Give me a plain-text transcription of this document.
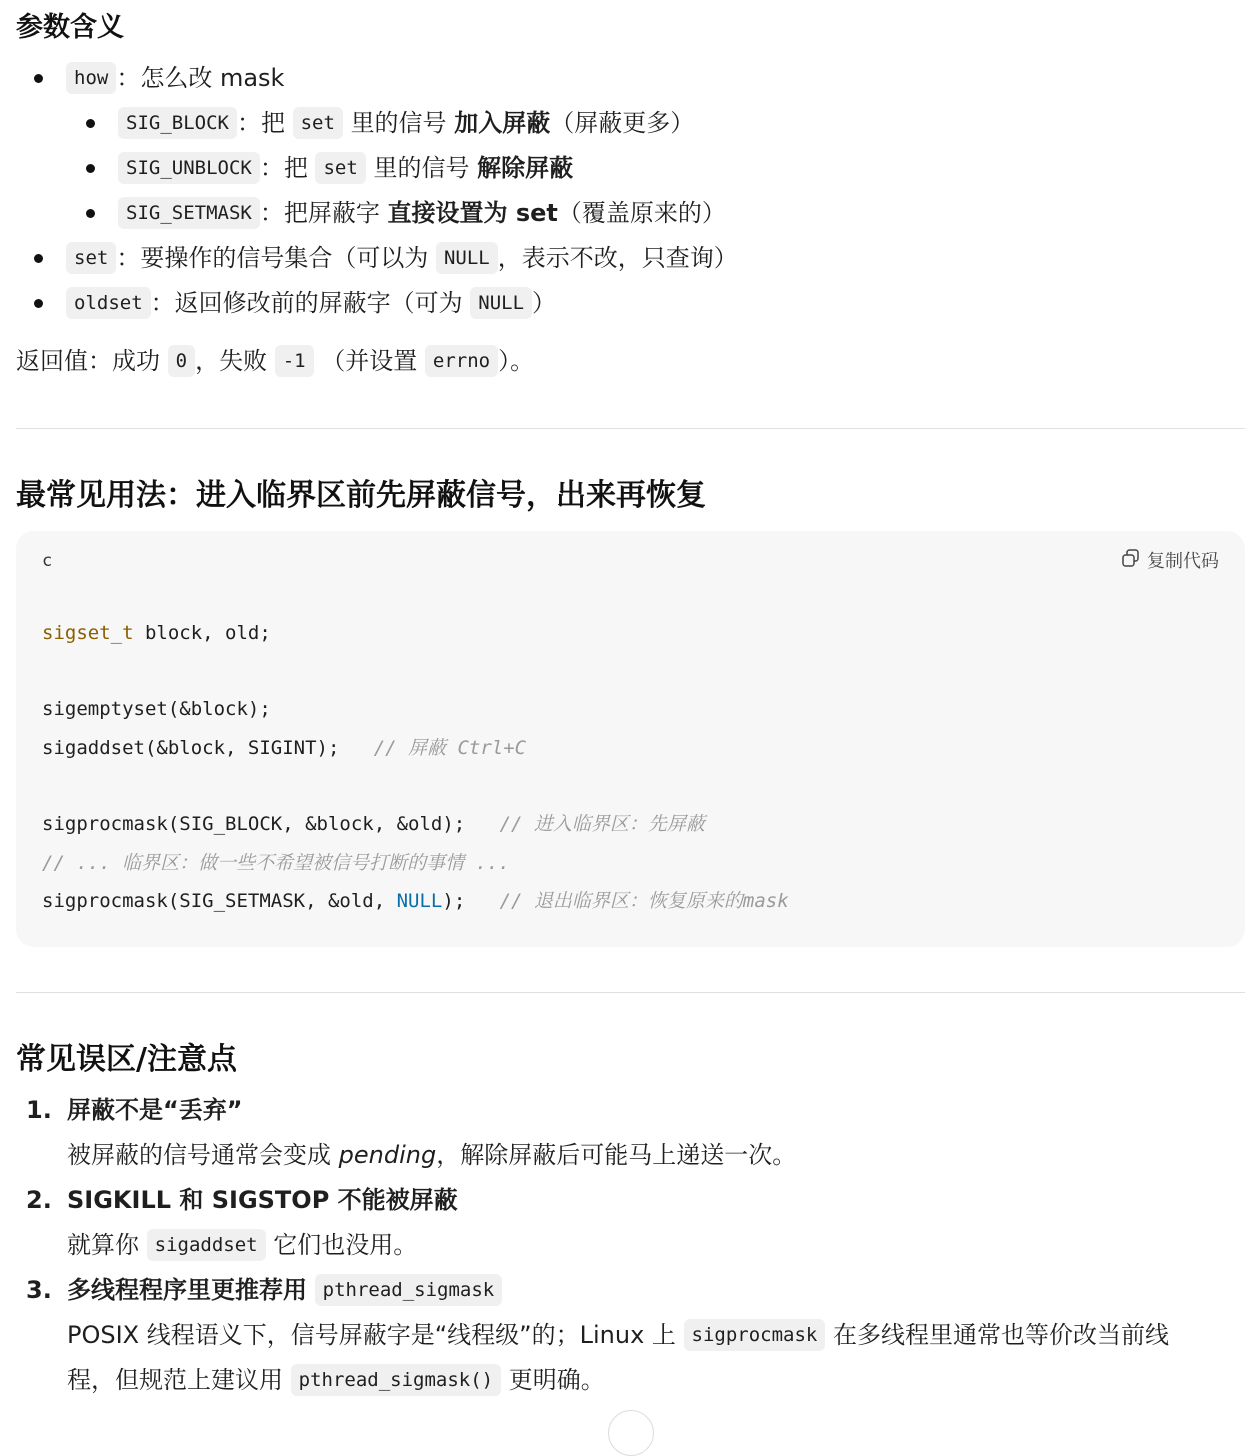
参数含义
how ：怎么改 mask
SIG_BLOCK ：把 set 里的信号 加入屏蔽（屏蔽更多）
SIG_UNBLOCK ：把 set 里的信号 解除屏蔽
SIG_SETMASK ：把屏蔽字 直接设置为 set（覆盖原来的）
set ：要操作的信号集合（可以为 NULL ，表示不改，只查询）
oldset ：返回修改前的屏蔽字（可为 NULL ）
返回值：成功 0 ，失败 -1 （并设置 errno ）。
最常见用法：进入临界区前先屏蔽信号，出来再恢复
c	复制代码
sigset_t block, old;
sigemptyset(&block);
sigaddset(&block, SIGINT);   // 屏蔽 Ctrl+C
sigprocmask(SIG_BLOCK, &block, &old);   // 进入临界区：先屏蔽
// ... 临界区：做一些不希望被信号打断的事情 ...
sigprocmask(SIG_SETMASK, &old, NULL);   // 退出临界区：恢复原来的mask
常见误区/注意点
1. 屏蔽不是“丢弃”
被屏蔽的信号通常会变成 pending，解除屏蔽后可能马上递送一次。
2. SIGKILL 和 SIGSTOP 不能被屏蔽
就算你 sigaddset 它们也没用。
3. 多线程程序里更推荐用 pthread_sigmask
POSIX 线程语义下，信号屏蔽字是“线程级”的；Linux 上 sigprocmask 在多线程里通常也等价改当前线
程，但规范上建议用 pthread_sigmask() 更明确。
